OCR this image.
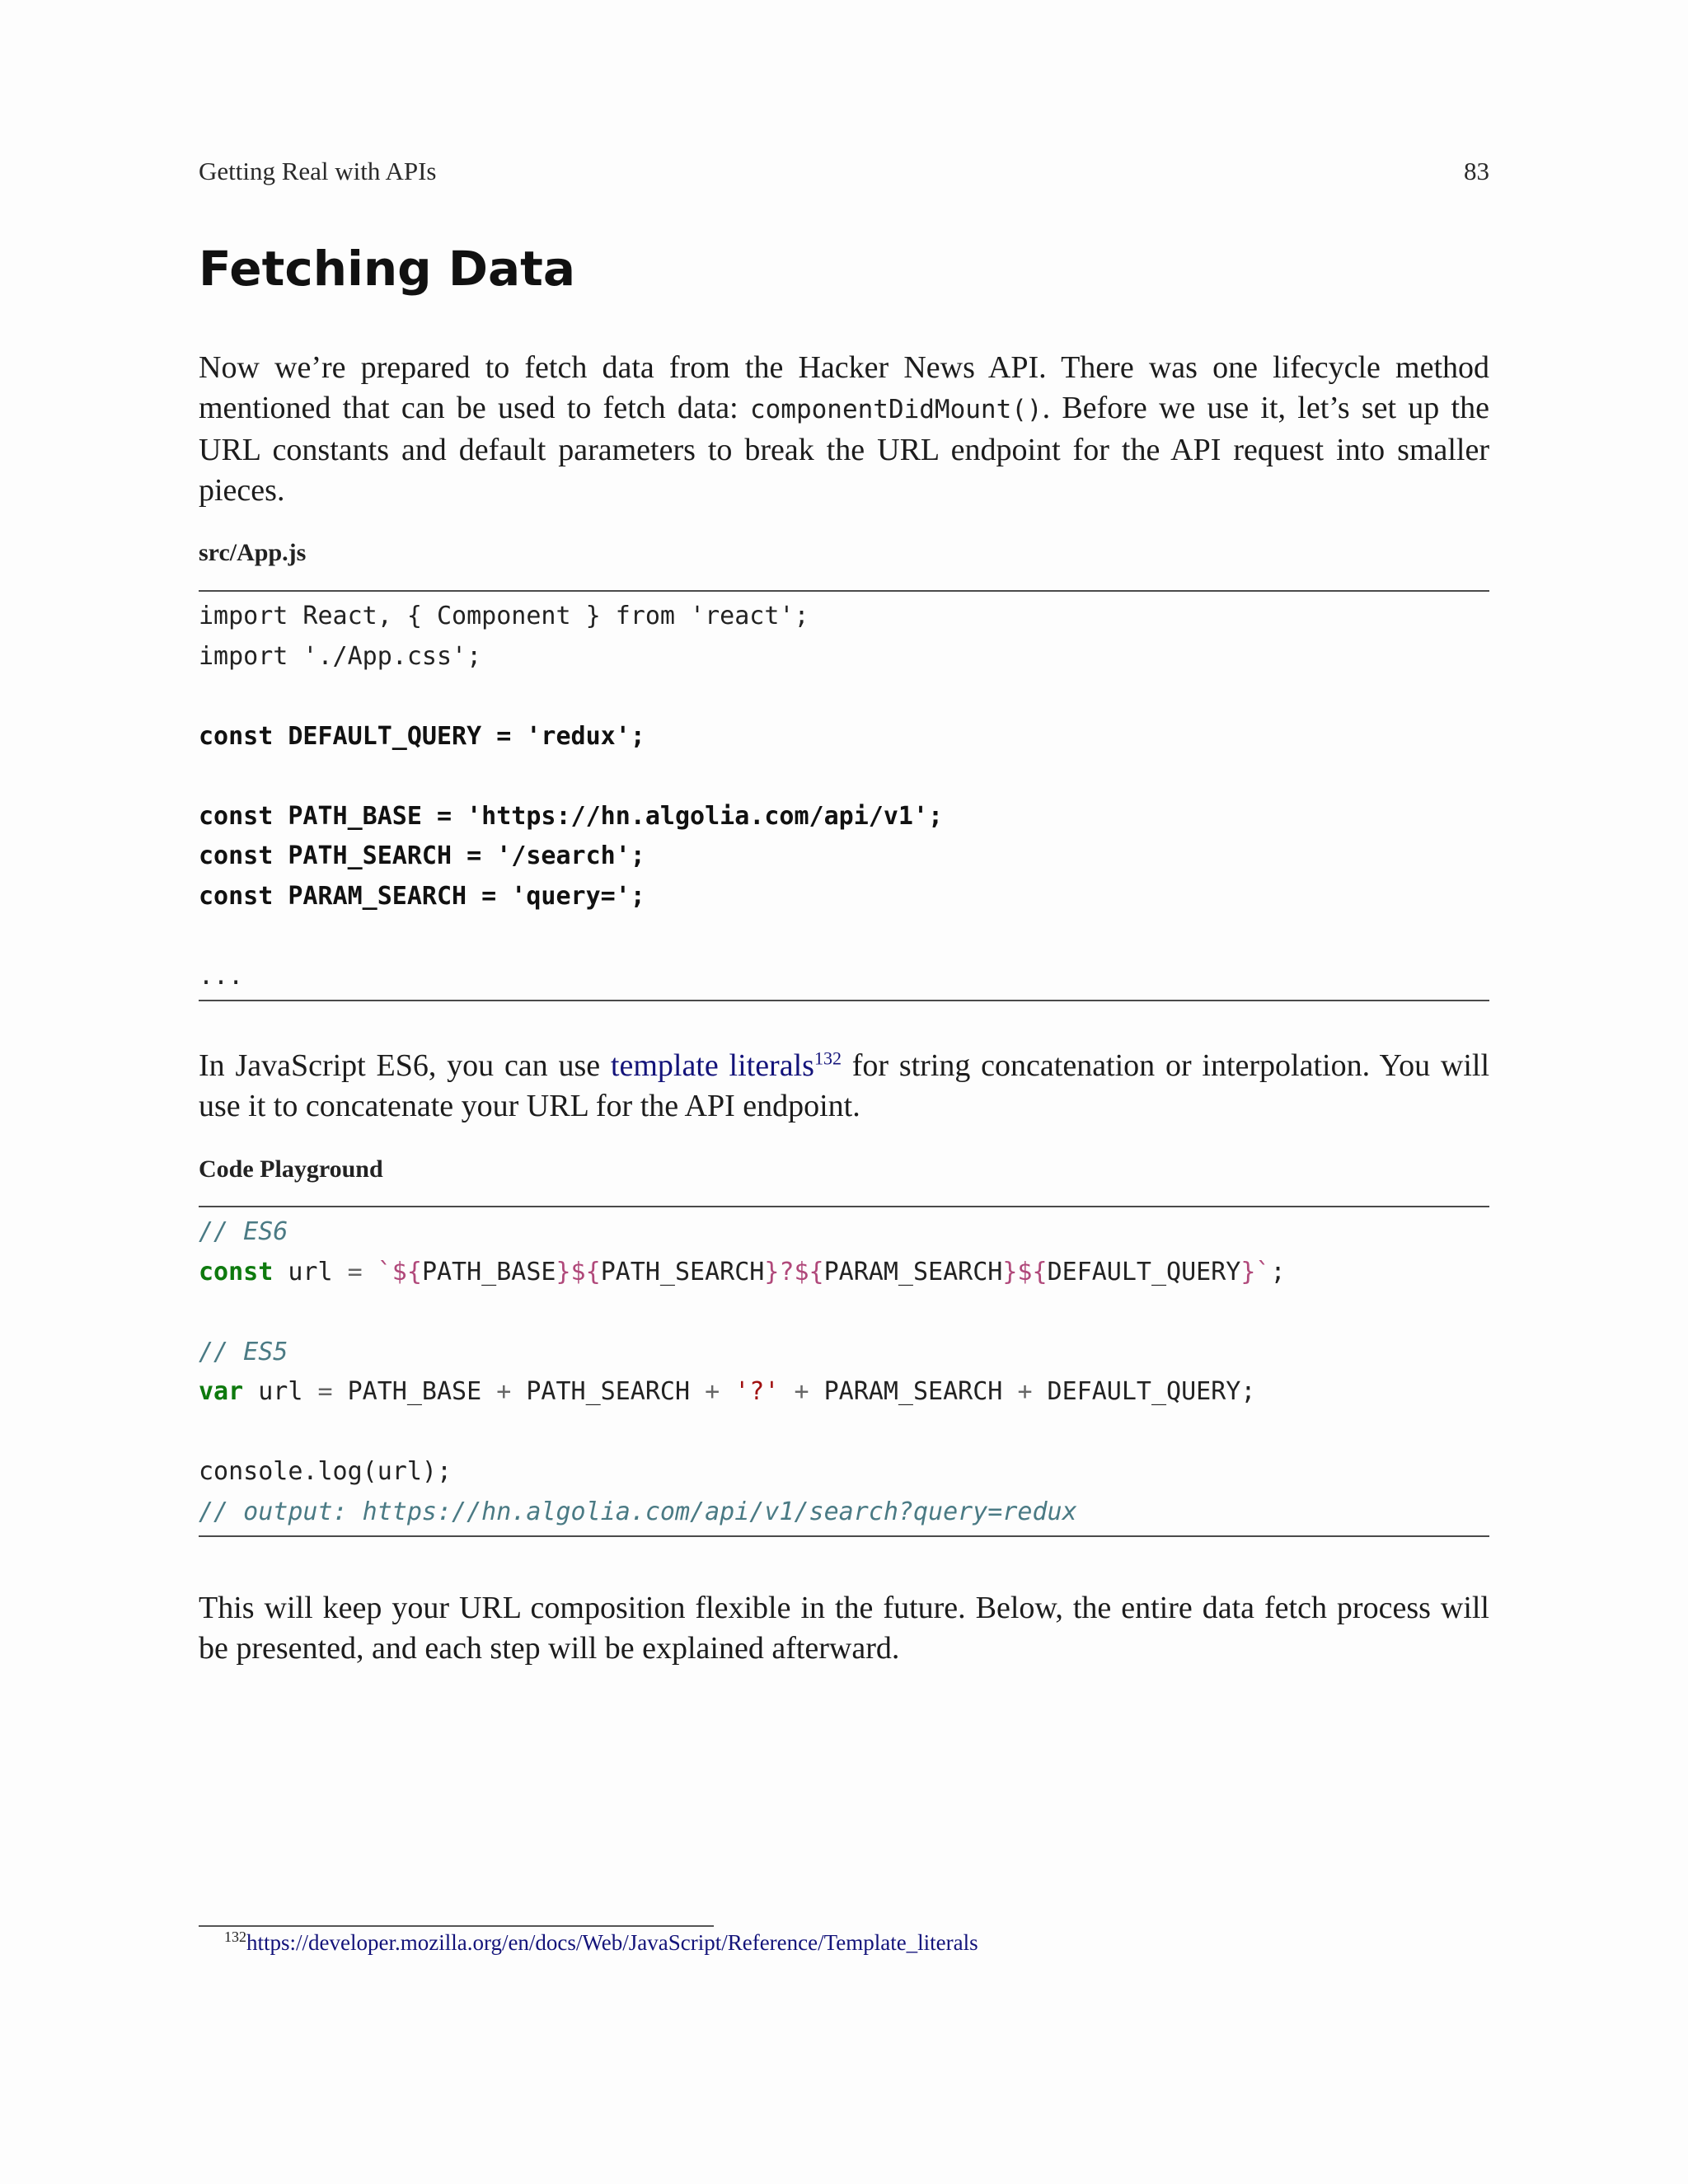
Getting Real with APIs	83
Fetching Data

Now we’re prepared to fetch data from the Hacker News API. There was one lifecycle method mentioned that can be used to fetch data: componentDidMount(). Before we use it, let’s set up the URL constants and default parameters to break the URL endpoint for the API request into smaller pieces.

src/App.js
import React, { Component } from 'react';
import './App.css';
const DEFAULT_QUERY = 'redux';
const PATH_BASE = 'https://hn.algolia.com/api/v1';
const PATH_SEARCH = '/search';
const PARAM_SEARCH = 'query=';
...

In JavaScript ES6, you can use template literals$^{132}$ for string concatenation or interpolation. You will use it to concatenate your URL for the API endpoint.

Code Playground
// ES6
const url = `${PATH_BASE}${PATH_SEARCH}?${PARAM_SEARCH}${DEFAULT_QUERY}`;
// ES5
var url = PATH_BASE + PATH_SEARCH + '?' + PARAM_SEARCH + DEFAULT_QUERY;
console.log(url);
// output: https://hn.algolia.com/api/v1/search?query=redux

This will keep your URL composition flexible in the future. Below, the entire data fetch process will be presented, and each step will be explained afterward.

$^{132}$https://developer.mozilla.org/en/docs/Web/JavaScript/Reference/Template_literals
